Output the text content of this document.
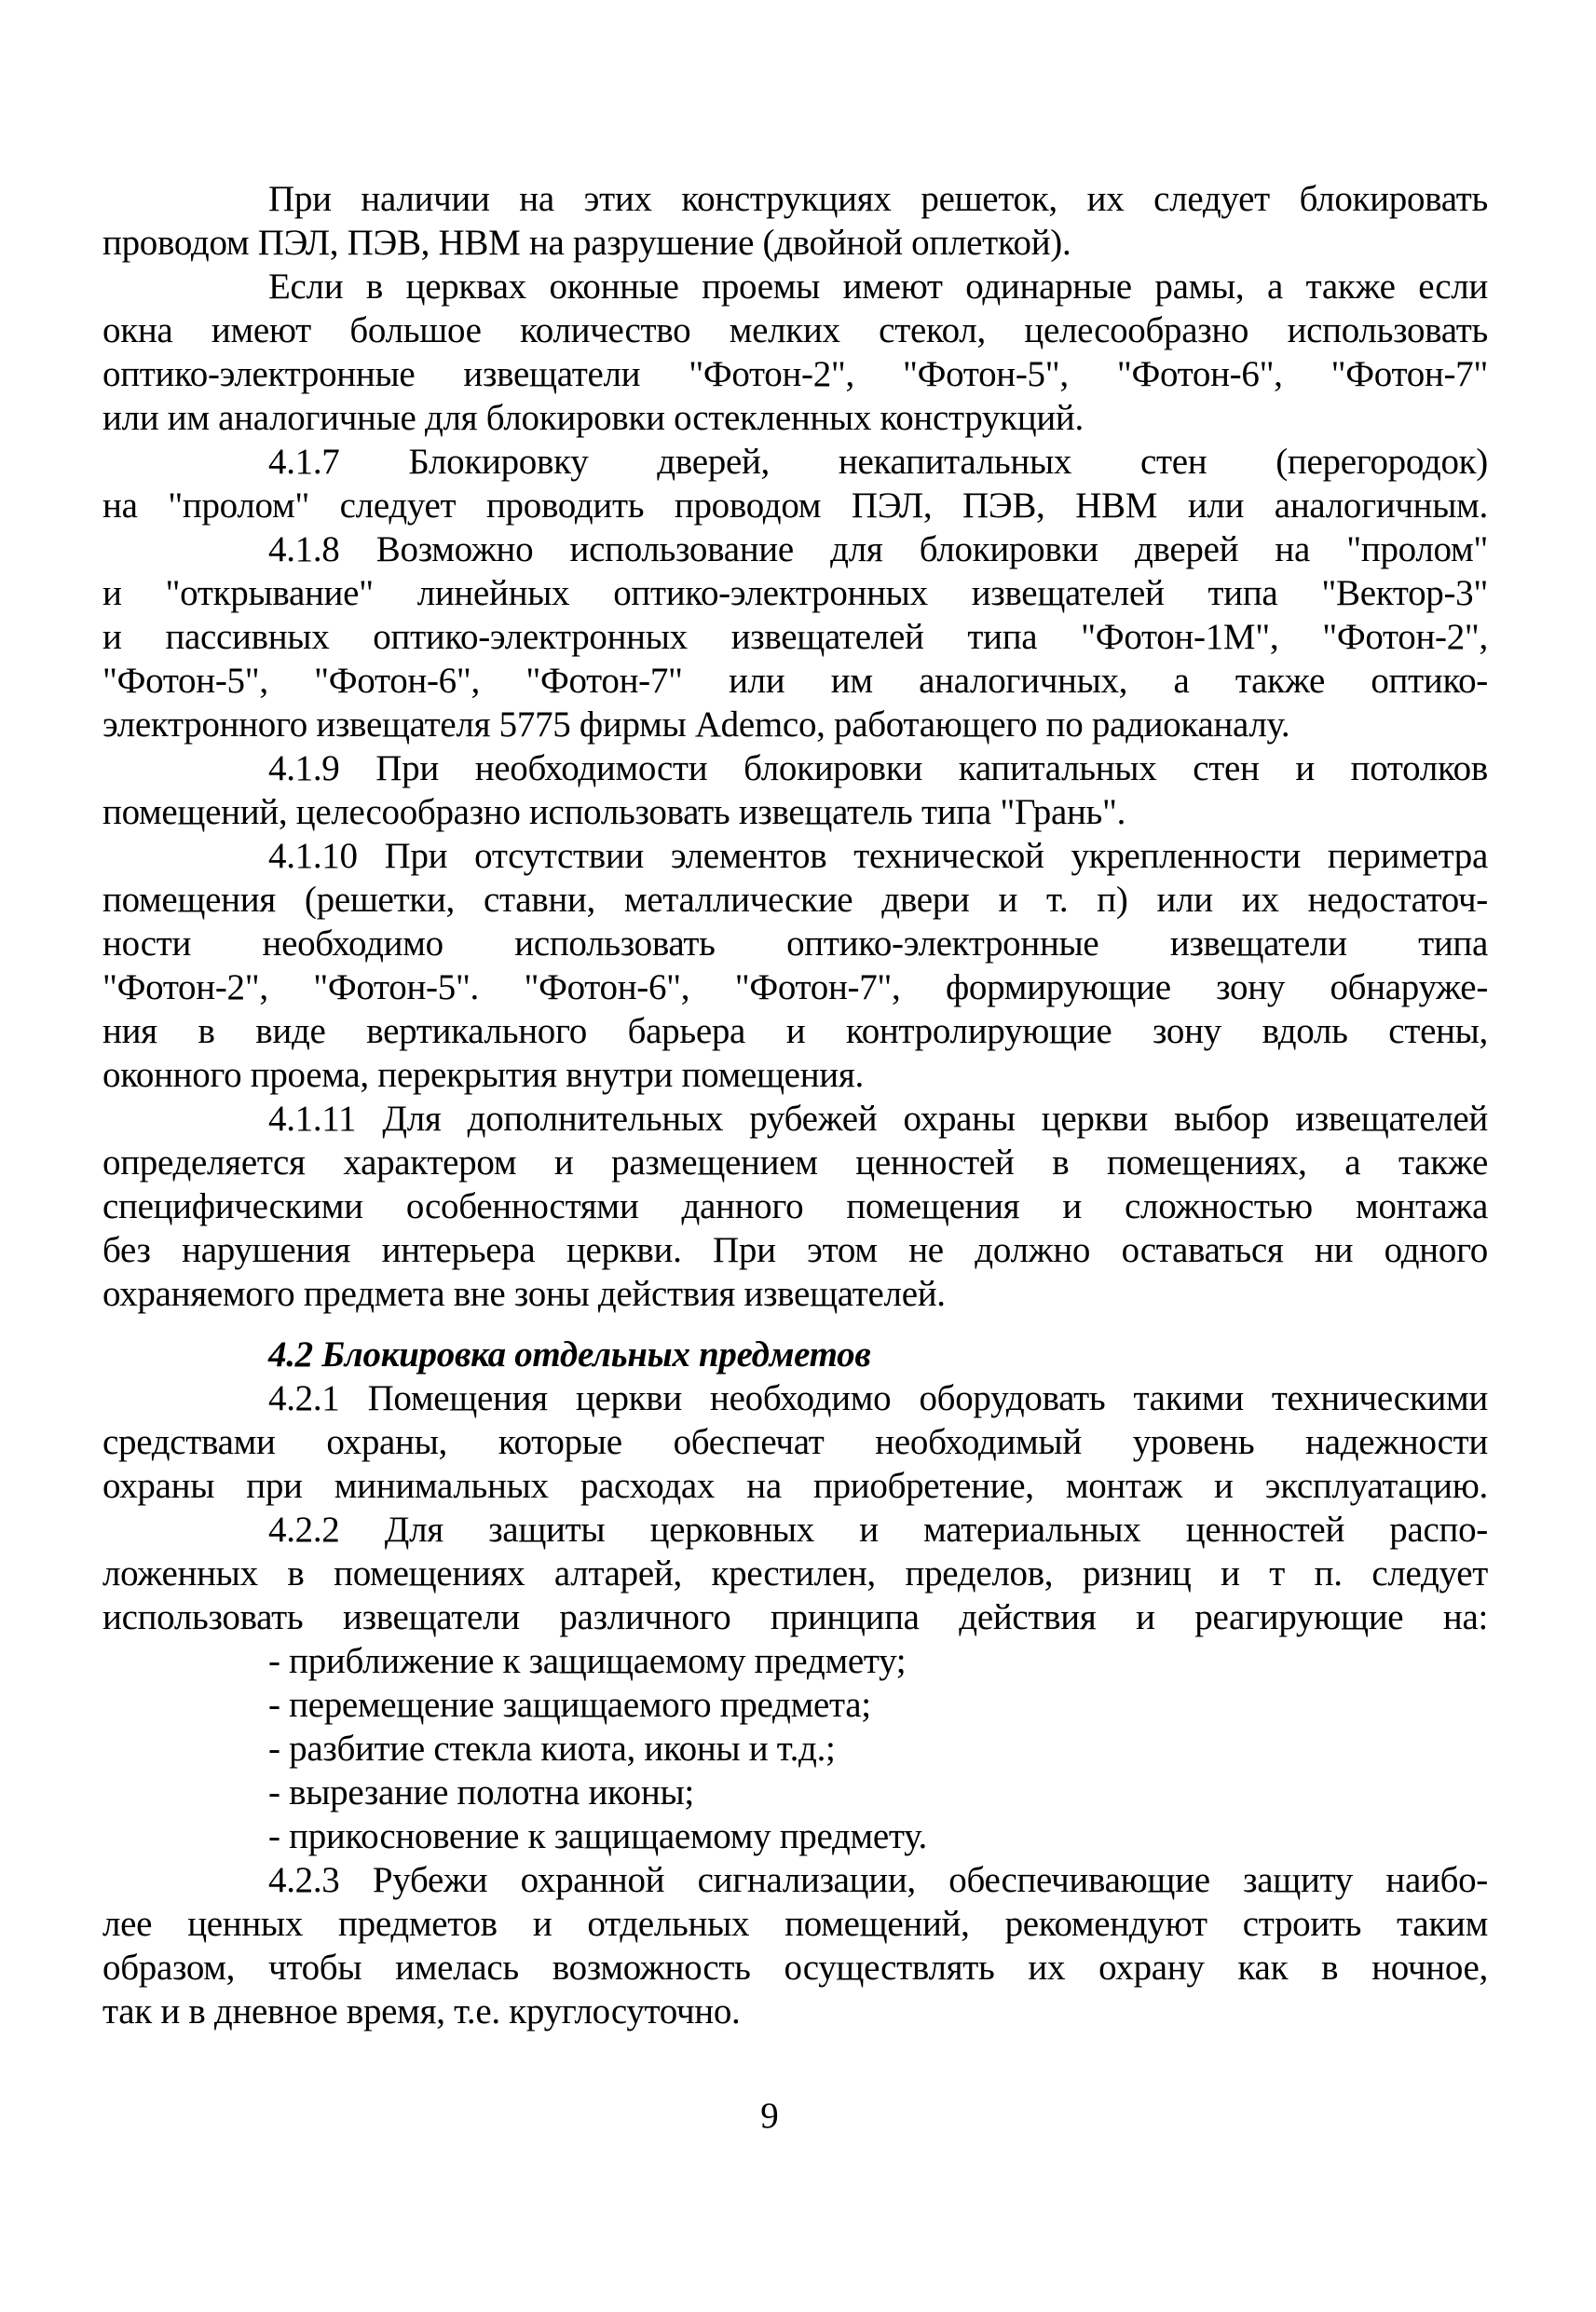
При наличии на этих конструкциях решеток, их следует блокировать
проводом ПЭЛ, ПЭВ, НВМ на разрушение (двойной оплеткой).

Если в церквах оконные проемы имеют одинарные рамы, а также если
окна имеют большое количество мелких стекол, целесообразно использовать
оптико-электронные извещатели "Фотон-2", "Фотон-5", "Фотон-6", "Фотон-7"
или им аналогичные для блокировки остекленных конструкций.

4.1.7 Блокировку дверей, некапитальных стен (перегородок)
на "пролом" следует проводить проводом ПЭЛ, ПЭВ, НВМ или аналогичным.

4.1.8 Возможно использование для блокировки дверей на "пролом"
и "открывание" линейных оптико-электронных извещателей типа "Вектор-3"
и пассивных оптико-электронных извещателей типа "Фотон-1М", "Фотон-2",
"Фотон-5", "Фотон-6", "Фотон-7" или им аналогичных, а также оптико-
электронного извещателя 5775 фирмы Ademco, работающего по радиоканалу.

4.1.9 При необходимости блокировки капитальных стен и потолков
помещений, целесообразно использовать извещатель типа "Грань".

4.1.10 При отсутствии элементов технической укрепленности периметра
помещения (решетки, ставни, металлические двери и т. п) или их недостаточ-
ности необходимо использовать оптико-электронные извещатели типа
"Фотон-2", "Фотон-5". "Фотон-6", "Фотон-7", формирующие зону обнаруже-
ния в виде вертикального барьера и контролирующие зону вдоль стены,
оконного проема, перекрытия внутри помещения.

4.1.11 Для дополнительных рубежей охраны церкви выбор извещателей
определяется характером и размещением ценностей в помещениях, а также
специфическими особенностями данного помещения и сложностью монтажа
без нарушения интерьера церкви. При этом не должно оставаться ни одного
охраняемого предмета вне зоны действия извещателей.

4.2 Блокировка отдельных предметов

4.2.1 Помещения церкви необходимо оборудовать такими техническими
средствами охраны, которые обеспечат необходимый уровень надежности
охраны при минимальных расходах на приобретение, монтаж и эксплуатацию.

4.2.2 Для защиты церковных и материальных ценностей распо-
ложенных в помещениях алтарей, крестилен, пределов, ризниц и т п. следует
использовать извещатели различного принципа действия и реагирующие на:

- приближение к защищаемому предмету;

- перемещение защищаемого предмета;

- разбитие стекла киота, иконы и т.д.;

- вырезание полотна иконы;

- прикосновение к защищаемому предмету.

4.2.3 Рубежи охранной сигнализации, обеспечивающие защиту наибо-
лее ценных предметов и отдельных помещений, рекомендуют строить таким
образом, чтобы имелась возможность осуществлять их охрану как в ночное,
так и в дневное время, т.е. круглосуточно.

9
